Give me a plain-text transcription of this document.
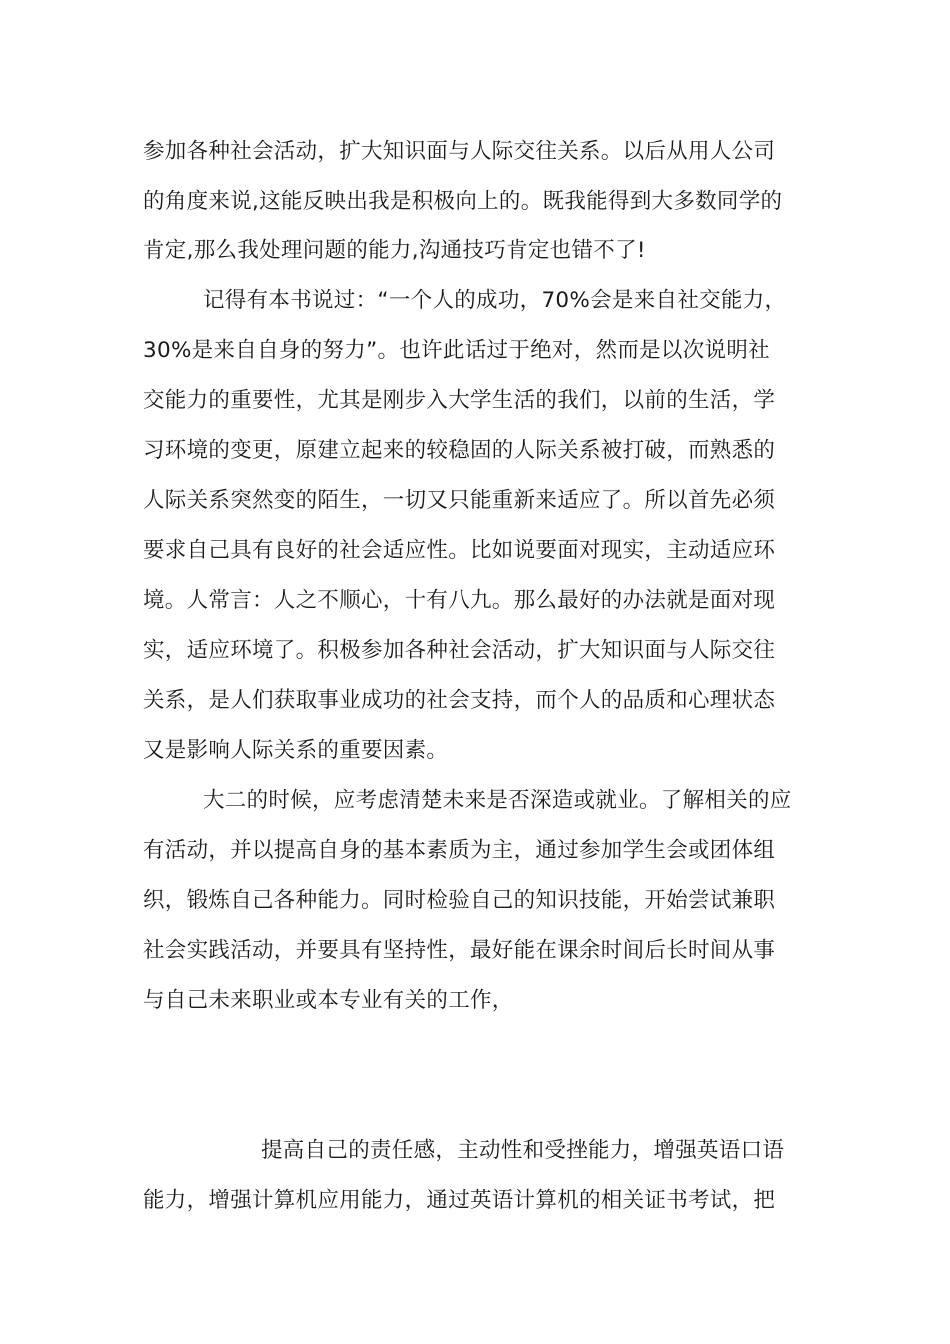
参加各种社会活动，扩大知识面与人际交往关系。以后从用人公司
的角度来说,这能反映出我是积极向上的。既我能得到大多数同学的
肯定,那么我处理问题的能力,沟通技巧肯定也错不了!
记得有本书说过：“一个人的成功，70%会是来自社交能力，
30%是来自自身的努力”。也许此话过于绝对，然而是以次说明社
交能力的重要性，尤其是刚步入大学生活的我们，以前的生活，学
习环境的变更，原建立起来的较稳固的人际关系被打破，而熟悉的
人际关系突然变的陌生，一切又只能重新来适应了。所以首先必须
要求自己具有良好的社会适应性。比如说要面对现实，主动适应环
境。人常言：人之不顺心，十有八九。那么最好的办法就是面对现
实，适应环境了。积极参加各种社会活动，扩大知识面与人际交往
关系，是人们获取事业成功的社会支持，而个人的品质和心理状态
又是影响人际关系的重要因素。
大二的时候，应考虑清楚未来是否深造或就业。了解相关的应
有活动，并以提高自身的基本素质为主，通过参加学生会或团体组
织，锻炼自己各种能力。同时检验自己的知识技能，开始尝试兼职
社会实践活动，并要具有坚持性，最好能在课余时间后长时间从事
与自己未来职业或本专业有关的工作，
提高自己的责任感，主动性和受挫能力，增强英语口语
能力，增强计算机应用能力，通过英语计算机的相关证书考试，把
